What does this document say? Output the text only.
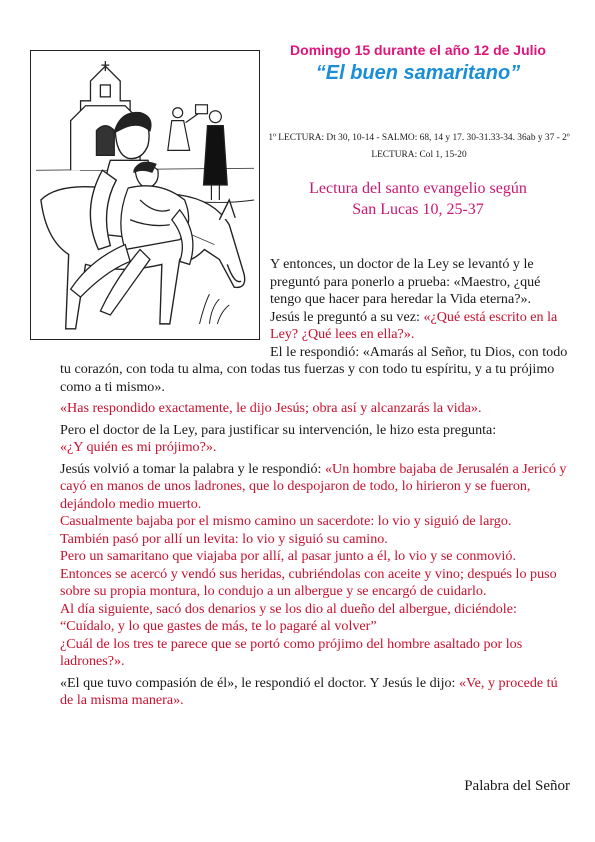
Domingo 15 durante el año 12 de Julio
“El buen samaritano”
1º LECTURA: Dt 30, 10-14 - SALMO: 68, 14 y 17. 30-31.33-34. 36ab y 37 - 2º LECTURA: Col 1, 15-20
Lectura del santo evangelio según
San Lucas 10, 25-37

Y entonces, un doctor de la Ley se levantó y le preguntó para ponerlo a prueba: «Maestro, ¿qué tengo que hacer para heredar la Vida eterna?».

Jesús le preguntó a su vez: «¿Qué está escrito en la Ley? ¿Qué lees en ella?».

El le respondió: «Amarás al Señor, tu Dios, con todo tu corazón, con toda tu alma, con todas tus fuerzas y con todo tu espíritu, y a tu prójimo como a ti mismo».

«Has respondido exactamente, le dijo Jesús; obra así y alcanzarás la vida».

Pero el doctor de la Ley, para justificar su intervención, le hizo esta pregunta:

«¿Y quién es mi prójimo?».

Jesús volvió a tomar la palabra y le respondió: «Un hombre bajaba de Jerusalén a Jericó y cayó en manos de unos ladrones, que lo despojaron de todo, lo hirieron y se fueron, dejándolo medio muerto.

Casualmente bajaba por el mismo camino un sacerdote: lo vio y siguió de largo.

También pasó por allí un levita: lo vio y siguió su camino.

Pero un samaritano que viajaba por allí, al pasar junto a él, lo vio y se conmovió.

Entonces se acercó y vendó sus heridas, cubriéndolas con aceite y vino; después lo puso sobre su propia montura, lo condujo a un albergue y se encargó de cuidarlo.

Al día siguiente, sacó dos denarios y se los dio al dueño del albergue, diciéndole: “Cuídalo, y lo que gastes de más, te lo pagaré al volver”

¿Cuál de los tres te parece que se portó como prójimo del hombre asaltado por los ladrones?».

«El que tuvo compasión de él», le respondió el doctor. Y Jesús le dijo: «Ve, y procede tú de la misma manera».

Palabra del Señor
